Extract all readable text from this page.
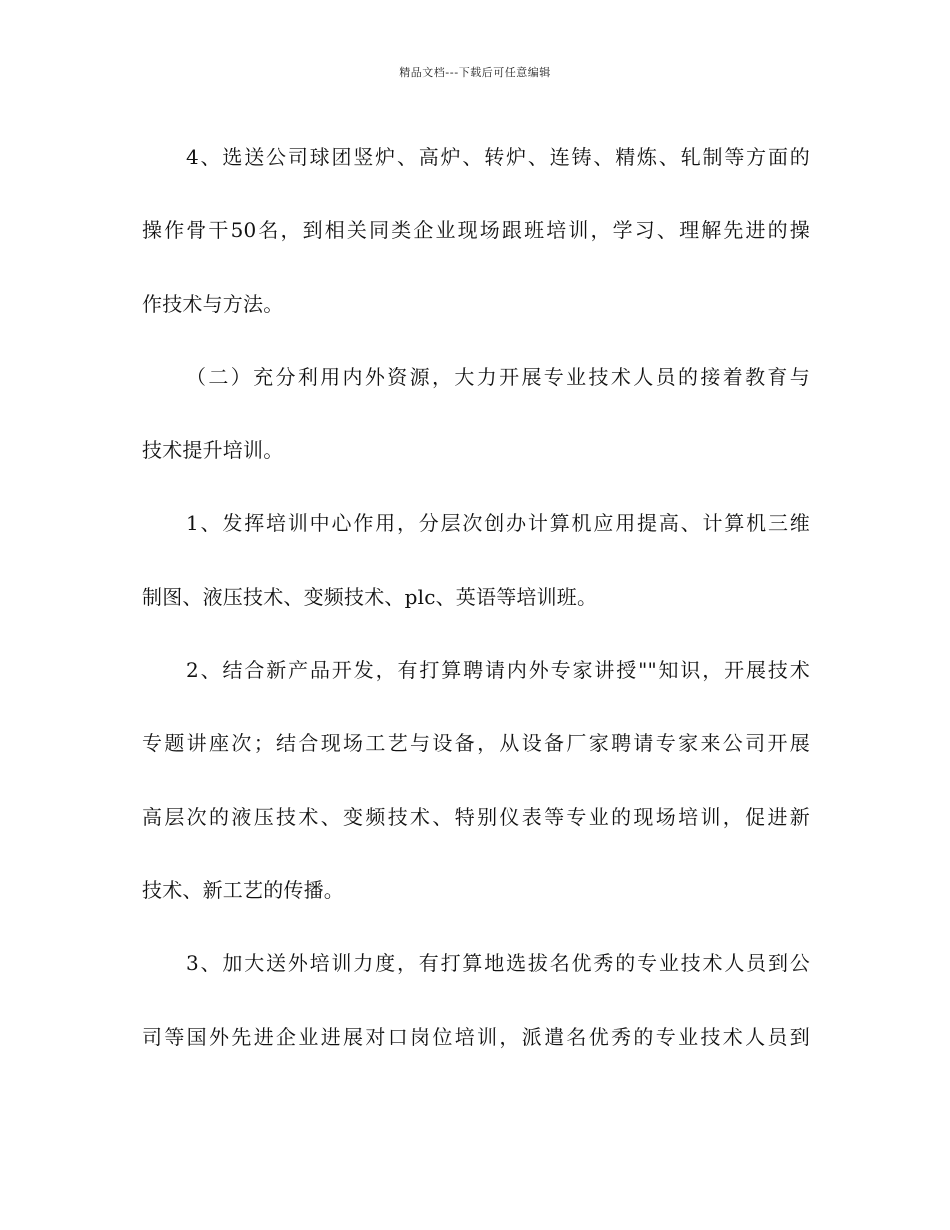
精品文档---下载后可任意编辑
4、选送公司球团竖炉、高炉、转炉、连铸、精炼、轧制等方面的
操作骨干50名，到相关同类企业现场跟班培训，学习、理解先进的操
作技术与方法。
（二）充分利用内外资源，大力开展专业技术人员的接着教育与
技术提升培训。
1、发挥培训中心作用，分层次创办计算机应用提高、计算机三维
制图、液压技术、变频技术、plc、英语等培训班。
2、结合新产品开发，有打算聘请内外专家讲授""知识，开展技术
专题讲座次；结合现场工艺与设备，从设备厂家聘请专家来公司开展
高层次的液压技术、变频技术、特别仪表等专业的现场培训，促进新
技术、新工艺的传播。
3、加大送外培训力度，有打算地选拔名优秀的专业技术人员到公
司等国外先进企业进展对口岗位培训，派遣名优秀的专业技术人员到
